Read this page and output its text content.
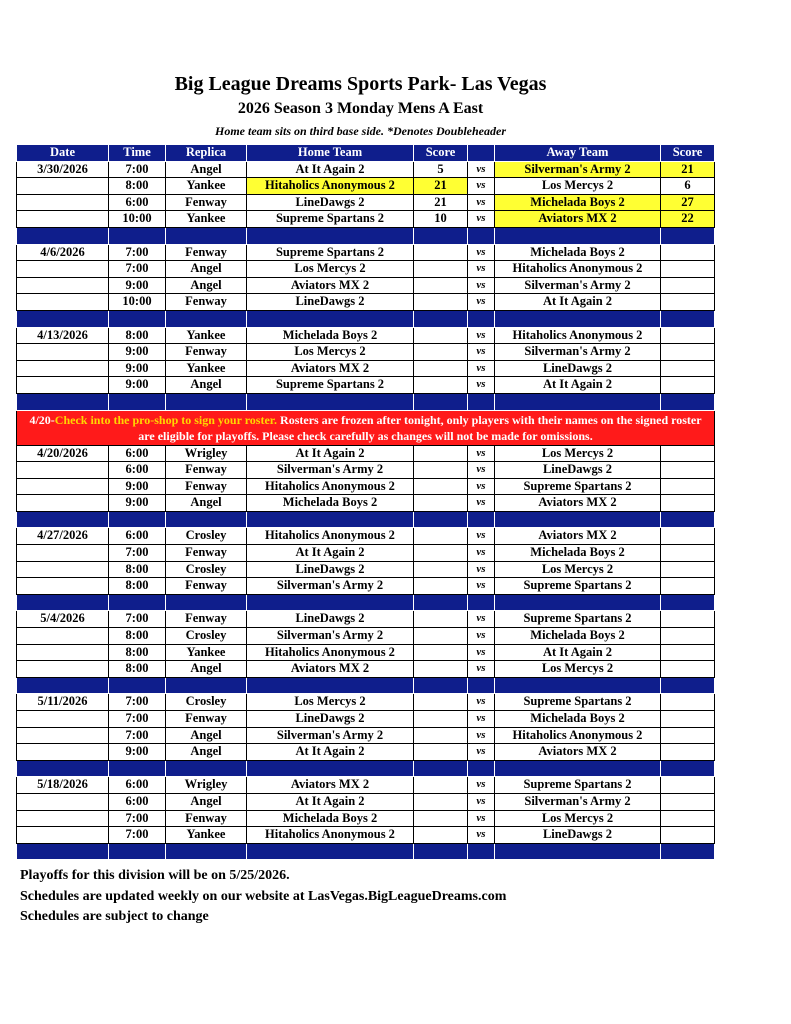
Big League Dreams Sports Park- Las Vegas
2026 Season 3 Monday Mens A East
Home team sits on third base side. *Denotes Doubleheader
Date	Time	Replica	Home Team	Score		Away Team	Score
3/30/2026	7:00	Angel	At It Again 2	5	vs	Silverman's Army 2	21
	8:00	Yankee	Hitaholics Anonymous 2	21	vs	Los Mercys 2	6
	6:00	Fenway	LineDawgs 2	21	vs	Michelada Boys 2	27
	10:00	Yankee	Supreme Spartans 2	10	vs	Aviators MX 2	22

4/6/2026	7:00	Fenway	Supreme Spartans 2		vs	Michelada Boys 2	
	7:00	Angel	Los Mercys 2		vs	Hitaholics Anonymous 2	
	9:00	Angel	Aviators MX 2		vs	Silverman's Army 2	
	10:00	Fenway	LineDawgs 2		vs	At It Again 2	

4/13/2026	8:00	Yankee	Michelada Boys 2		vs	Hitaholics Anonymous 2	
	9:00	Fenway	Los Mercys 2		vs	Silverman's Army 2	
	9:00	Yankee	Aviators MX 2		vs	LineDawgs 2	
	9:00	Angel	Supreme Spartans 2		vs	At It Again 2	

4/20-Check into the pro-shop to sign your roster. Rosters are frozen after tonight, only players with their names on the signed roster are eligible for playoffs. Please check carefully as changes will not be made for omissions.							
4/20/2026	6:00	Wrigley	At It Again 2		vs	Los Mercys 2	
	6:00	Fenway	Silverman's Army 2		vs	LineDawgs 2	
	9:00	Fenway	Hitaholics Anonymous 2		vs	Supreme Spartans 2	
	9:00	Angel	Michelada Boys 2		vs	Aviators MX 2	

4/27/2026	6:00	Crosley	Hitaholics Anonymous 2		vs	Aviators MX 2	
	7:00	Fenway	At It Again 2		vs	Michelada Boys 2	
	8:00	Crosley	LineDawgs 2		vs	Los Mercys 2	
	8:00	Fenway	Silverman's Army 2		vs	Supreme Spartans 2	

5/4/2026	7:00	Fenway	LineDawgs 2		vs	Supreme Spartans 2	
	8:00	Crosley	Silverman's Army 2		vs	Michelada Boys 2	
	8:00	Yankee	Hitaholics Anonymous 2		vs	At It Again 2	
	8:00	Angel	Aviators MX 2		vs	Los Mercys 2	

5/11/2026	7:00	Crosley	Los Mercys 2		vs	Supreme Spartans 2	
	7:00	Fenway	LineDawgs 2		vs	Michelada Boys 2	
	7:00	Angel	Silverman's Army 2		vs	Hitaholics Anonymous 2	
	9:00	Angel	At It Again 2		vs	Aviators MX 2	

5/18/2026	6:00	Wrigley	Aviators MX 2		vs	Supreme Spartans 2	
	6:00	Angel	At It Again 2		vs	Silverman's Army 2	
	7:00	Fenway	Michelada Boys 2		vs	Los Mercys 2	
	7:00	Yankee	Hitaholics Anonymous 2		vs	LineDawgs 2	

Playoffs for this division will be on 5/25/2026.
Schedules are updated weekly on our website at LasVegas.BigLeagueDreams.com
Schedules are subject to change
